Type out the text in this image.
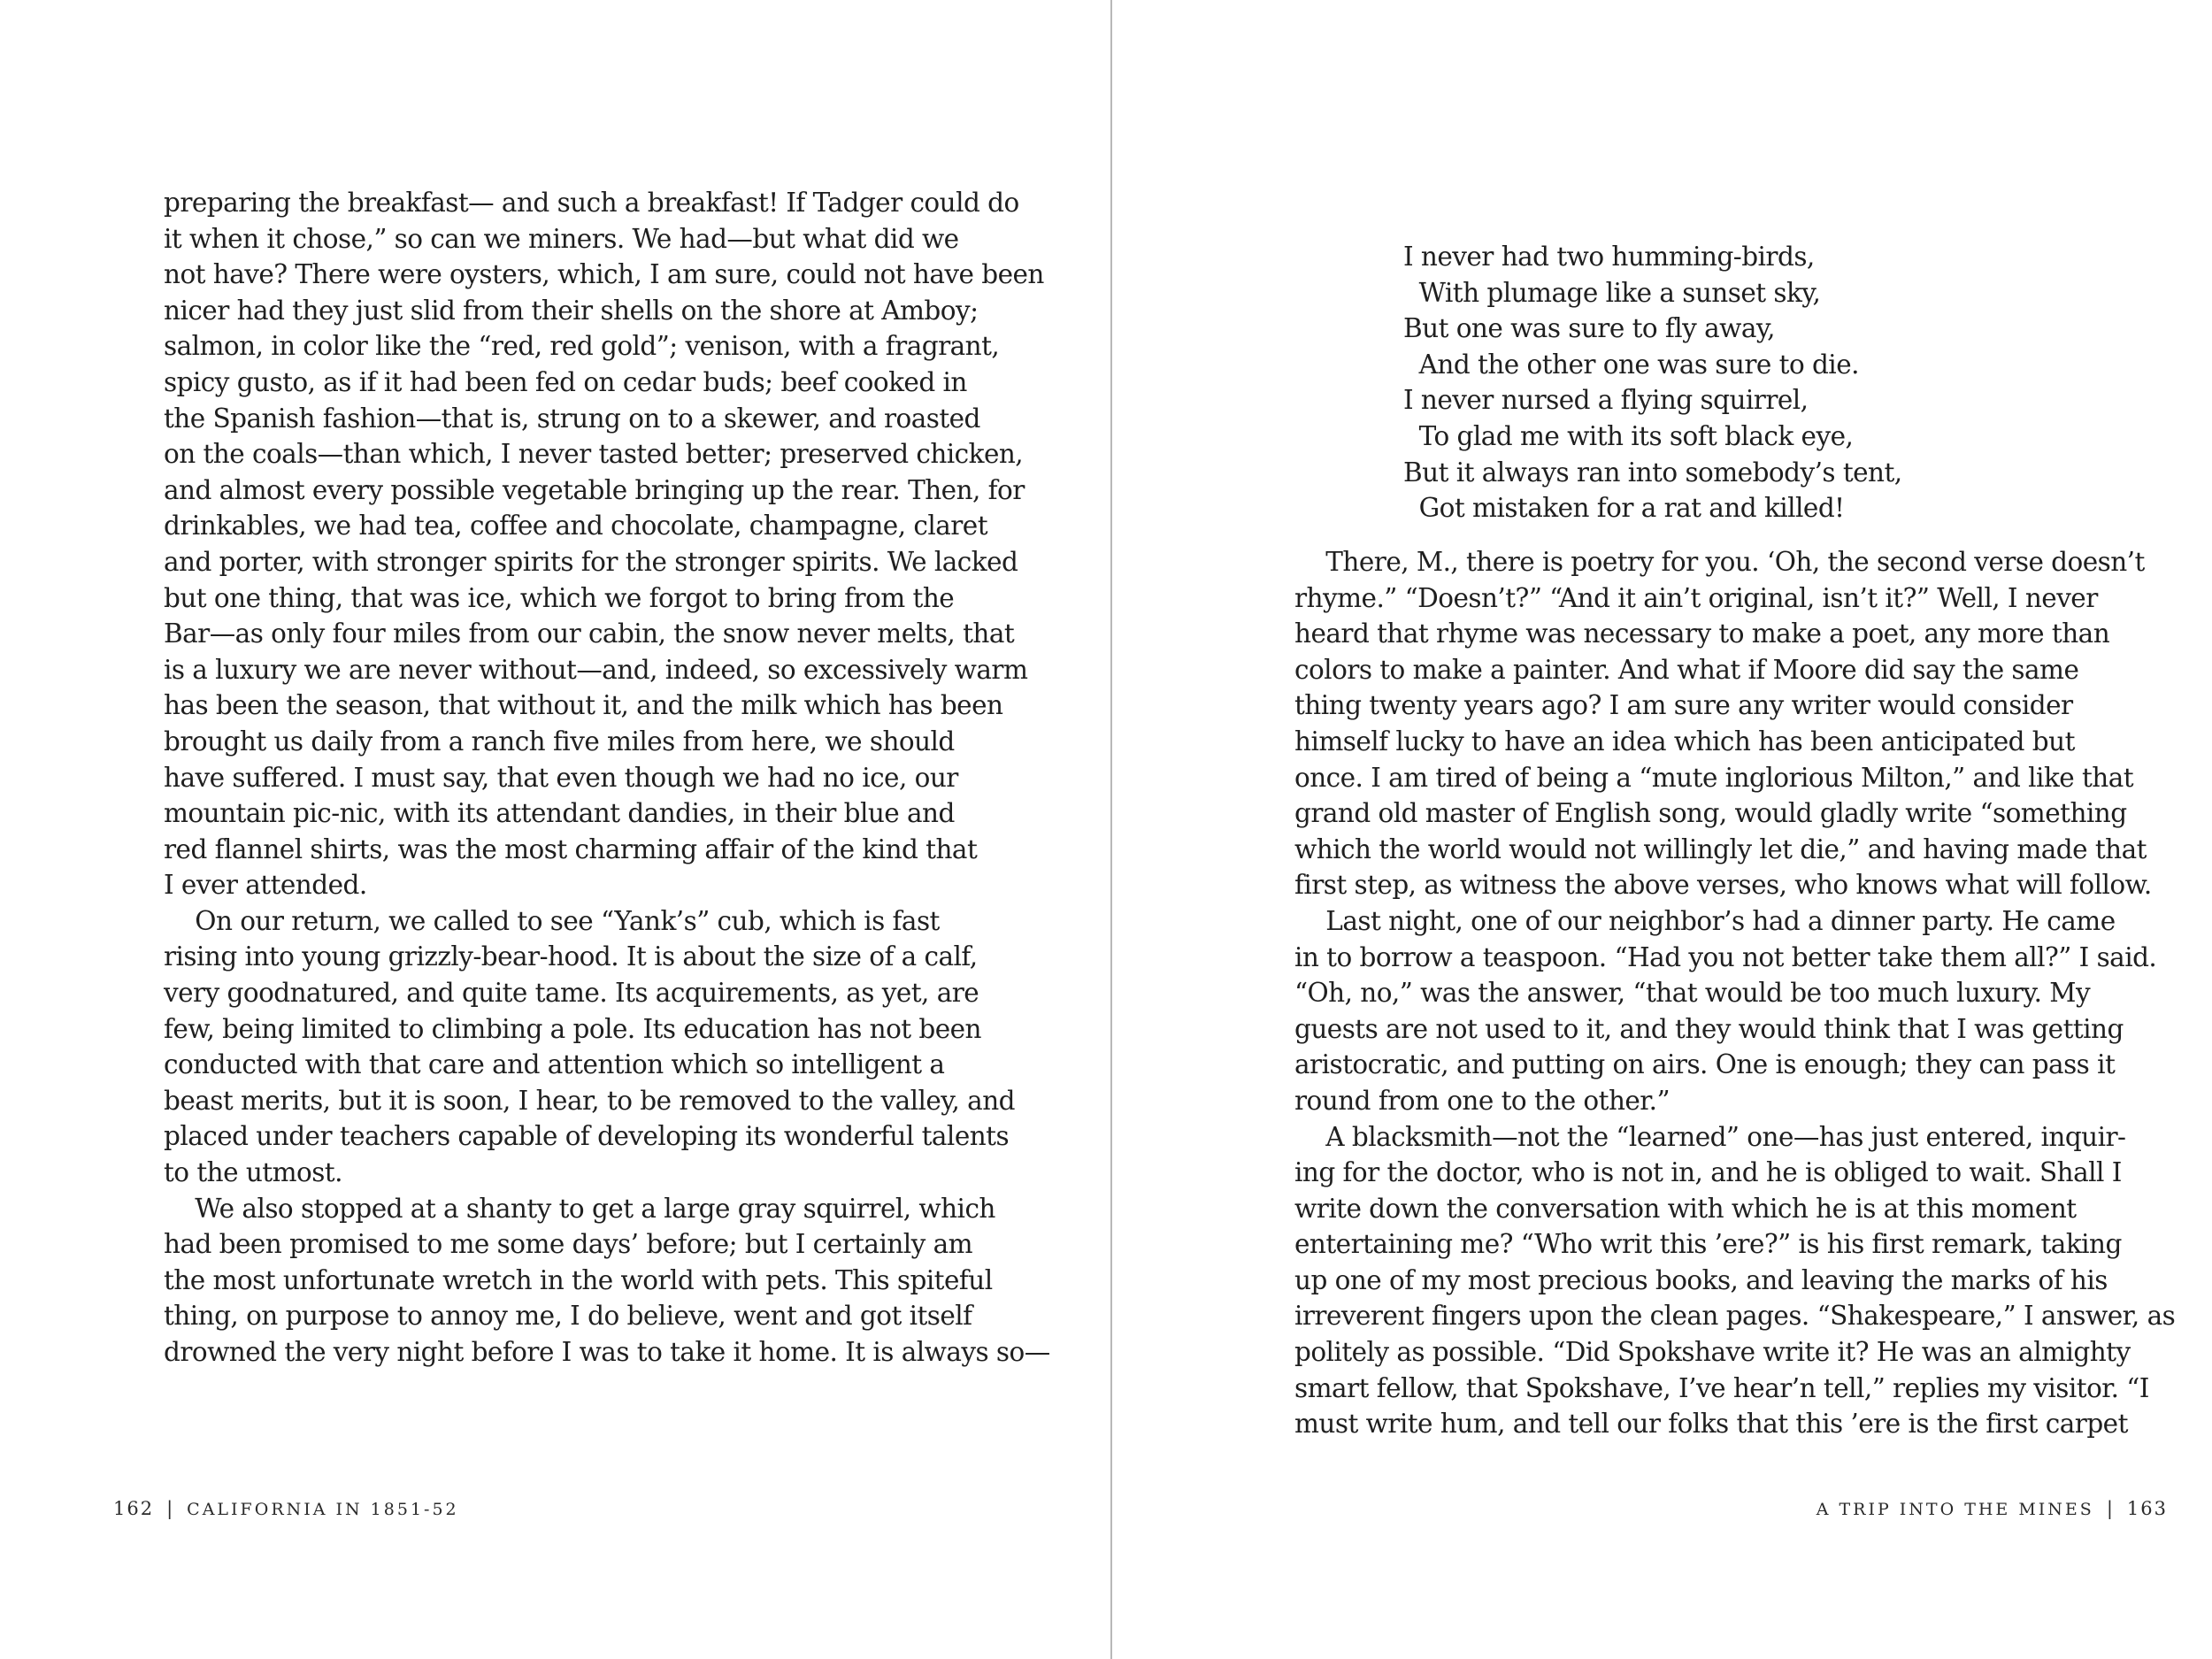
preparing the breakfast— and such a breakfast! If Tadger could do
it when it chose,” so can we miners. We had—but what did we
not have? There were oysters, which, I am sure, could not have been
nicer had they just slid from their shells on the shore at Amboy;
salmon, in color like the “red, red gold”; venison, with a fragrant,
spicy gusto, as if it had been fed on cedar buds; beef cooked in
the Spanish fashion—that is, strung on to a skewer, and roasted
on the coals—than which, I never tasted better; preserved chicken,
and almost every possible vegetable bringing up the rear. Then, for
drinkables, we had tea, coffee and chocolate, champagne, claret
and porter, with stronger spirits for the stronger spirits. We lacked
but one thing, that was ice, which we forgot to bring from the
Bar—as only four miles from our cabin, the snow never melts, that
is a luxury we are never without—and, indeed, so excessively warm
has been the season, that without it, and the milk which has been
brought us daily from a ranch five miles from here, we should
have suffered. I must say, that even though we had no ice, our
mountain pic-nic, with its attendant dandies, in their blue and
red flannel shirts, was the most charming affair of the kind that
I ever attended.
On our return, we called to see “Yank’s” cub, which is fast
rising into young grizzly-bear-hood. It is about the size of a calf,
very goodnatured, and quite tame. Its acquirements, as yet, are
few, being limited to climbing a pole. Its education has not been
conducted with that care and attention which so intelligent a
beast merits, but it is soon, I hear, to be removed to the valley, and
placed under teachers capable of developing its wonderful talents
to the utmost.
We also stopped at a shanty to get a large gray squirrel, which
had been promised to me some days’ before; but I certainly am
the most unfortunate wretch in the world with pets. This spiteful
thing, on purpose to annoy me, I do believe, went and got itself
drowned the very night before I was to take it home. It is always so—

162 | CALIFORNIA IN 1851-52

I never had two humming-birds,
With plumage like a sunset sky,
But one was sure to fly away,
And the other one was sure to die.
I never nursed a flying squirrel,
To glad me with its soft black eye,
But it always ran into somebody’s tent,
Got mistaken for a rat and killed!

There, M., there is poetry for you. ‘Oh, the second verse doesn’t
rhyme.” “Doesn’t?” “And it ain’t original, isn’t it?” Well, I never
heard that rhyme was necessary to make a poet, any more than
colors to make a painter. And what if Moore did say the same
thing twenty years ago? I am sure any writer would consider
himself lucky to have an idea which has been anticipated but
once. I am tired of being a “mute inglorious Milton,” and like that
grand old master of English song, would gladly write “something
which the world would not willingly let die,” and having made that
first step, as witness the above verses, who knows what will follow.
Last night, one of our neighbor’s had a dinner party. He came
in to borrow a teaspoon. “Had you not better take them all?” I said.
“Oh, no,” was the answer, “that would be too much luxury. My
guests are not used to it, and they would think that I was getting
aristocratic, and putting on airs. One is enough; they can pass it
round from one to the other.”
A blacksmith—not the “learned” one—has just entered, inquir-
ing for the doctor, who is not in, and he is obliged to wait. Shall I
write down the conversation with which he is at this moment
entertaining me? “Who writ this ’ere?” is his first remark, taking
up one of my most precious books, and leaving the marks of his
irreverent fingers upon the clean pages. “Shakespeare,” I answer, as
politely as possible. “Did Spokshave write it? He was an almighty
smart fellow, that Spokshave, I’ve hear’n tell,” replies my visitor. “I
must write hum, and tell our folks that this ’ere is the first carpet

A TRIP INTO THE MINES | 163
